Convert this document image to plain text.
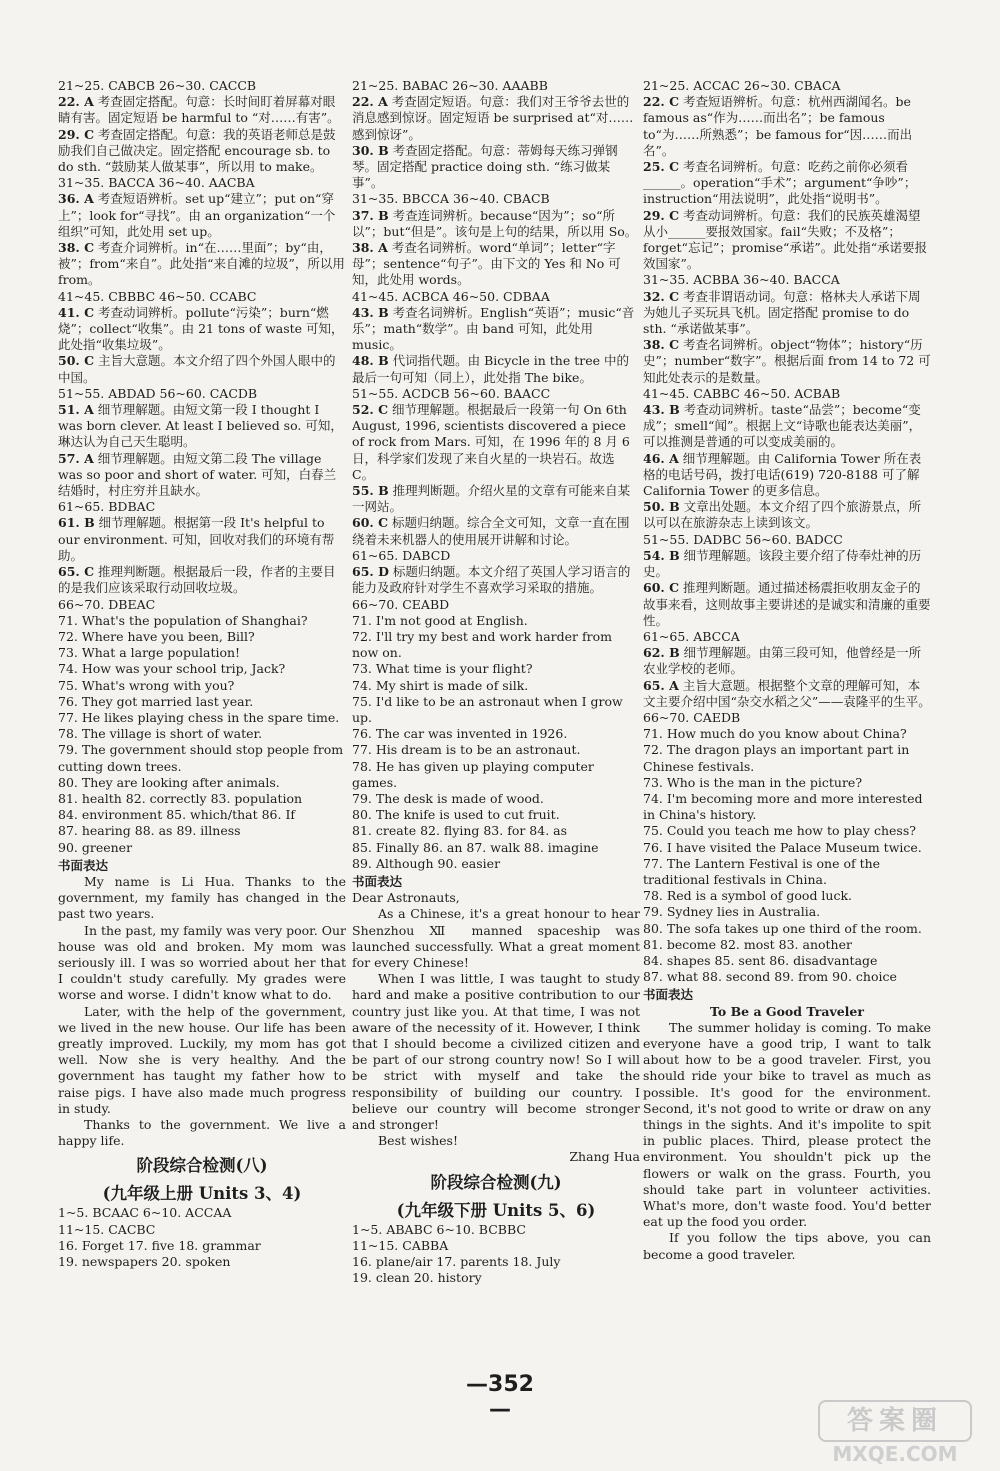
21~25. CABCB 26~30. CACCB
22. A 考查固定搭配。句意：长时间盯着屏幕对眼睛有害。固定短语 be harmful to “对……有害”。
29. C 考查固定搭配。句意：我的英语老师总是鼓励我们自己做决定。固定搭配 encourage sb. to do sth. “鼓励某人做某事”，所以用 to make。
31~35. BACCA 36~40. AACBA
36. A 考查短语辨析。set up“建立”；put on“穿上”；look for“寻找”。由 an organization“一个组织”可知，此处用 set up。
38. C 考查介词辨析。in“在……里面”；by“由，被”；from“来自”。此处指“来自滩的垃圾”，所以用 from。
41~45. CBBBC 46~50. CCABC
41. C 考查动词辨析。pollute“污染”；burn“燃烧”；collect“收集”。由 21 tons of waste 可知，此处指“收集垃圾”。
50. C 主旨大意题。本文介绍了四个外国人眼中的中国。
51~55. ABDAD 56~60. CACDB
51. A 细节理解题。由短文第一段 I thought I was born clever. At least I believed so. 可知，琳达认为自己天生聪明。
57. A 细节理解题。由短文第二段 The village was so poor and short of water. 可知，白春兰结婚时，村庄穷并且缺水。
61~65. BDBAC
61. B 细节理解题。根据第一段 It's helpful to our environment. 可知，回收对我们的环境有帮助。
65. C 推理判断题。根据最后一段，作者的主要目的是我们应该采取行动回收垃圾。
66~70. DBEAC
71. What's the population of Shanghai?
72. Where have you been, Bill?
73. What a large population!
74. How was your school trip, Jack?
75. What's wrong with you?
76. They got married last year.
77. He likes playing chess in the spare time.
78. The village is short of water.
79. The government should stop people from cutting down trees.
80. They are looking after animals.
81. health 82. correctly 83. population
84. environment 85. which/that 86. If
87. hearing 88. as 89. illness
90. greener
书面表达
My name is Li Hua. Thanks to the government, my family has changed in the past two years.
In the past, my family was very poor. Our house was old and broken. My mom was seriously ill. I was so worried about her that I couldn't study carefully. My grades were worse and worse. I didn't know what to do.
Later, with the help of the government, we lived in the new house. Our life has been greatly improved. Luckily, my mom has got well. Now she is very healthy. And the government has taught my father how to raise pigs. I have also made much progress in study.
Thanks to the government. We live a happy life.
阶段综合检测(八)
(九年级上册 Units 3、4)
1~5. BCAAC 6~10. ACCAA
11~15. CACBC
16. Forget 17. five 18. grammar
19. newspapers 20. spoken
21~25. BABAC 26~30. AAABB
22. A 考查固定短语。句意：我们对王爷爷去世的消息感到惊讶。固定短语 be surprised at“对……感到惊讶”。
30. B 考查固定搭配。句意：蒂姆每天练习弹钢琴。固定搭配 practice doing sth. “练习做某事”。
31~35. BBCCA 36~40. CBACB
37. B 考查连词辨析。because“因为”；so“所以”；but“但是”。该句是上句的结果，所以用 So。
38. A 考查名词辨析。word“单词”；letter“字母”；sentence“句子”。由下文的 Yes 和 No 可知，此处用 words。
41~45. ACBCA 46~50. CDBAA
43. B 考查名词辨析。English“英语”；music“音乐”；math“数学”。由 band 可知，此处用 music。
48. B 代词指代题。由 Bicycle in the tree 中的最后一句可知（同上），此处指 The bike。
51~55. ACDCB 56~60. BAACC
52. C 细节理解题。根据最后一段第一句 On 6th August, 1996, scientists discovered a piece of rock from Mars. 可知，在 1996 年的 8 月 6 日，科学家们发现了来自火星的一块岩石。故选 C。
55. B 推理判断题。介绍火星的文章有可能来自某一网站。
60. C 标题归纳题。综合全文可知，文章一直在围绕着未来机器人的使用展开讲解和讨论。
61~65. DABCD
65. D 标题归纳题。本文介绍了英国人学习语言的能力及政府针对学生不喜欢学习采取的措施。
66~70. CEABD
71. I'm not good at English.
72. I'll try my best and work harder from now on.
73. What time is your flight?
74. My shirt is made of silk.
75. I'd like to be an astronaut when I grow up.
76. The car was invented in 1926.
77. His dream is to be an astronaut.
78. He has given up playing computer games.
79. The desk is made of wood.
80. The knife is used to cut fruit.
81. create 82. flying 83. for 84. as
85. Finally 86. an 87. walk 88. imagine
89. Although 90. easier
书面表达
Dear Astronauts,
As a Chinese, it's a great honour to hear Shenzhou Ⅻ manned spaceship was launched successfully. What a great moment for every Chinese!
When I was little, I was taught to study hard and make a positive contribution to our country just like you. At that time, I was not aware of the necessity of it. However, I think that I should become a civilized citizen and be part of our strong country now! So I will be strict with myself and take the responsibility of building our country. I believe our country will become stronger and stronger!
Best wishes!
Zhang Hua
阶段综合检测(九)
(九年级下册 Units 5、6)
1~5. ABABC 6~10. BCBBC
11~15. CABBA
16. plane/air 17. parents 18. July
19. clean 20. history
21~25. ACCAC 26~30. CBACA
22. C 考查短语辨析。句意：杭州西湖闻名。be famous as“作为……而出名”；be famous to“为……所熟悉”；be famous for“因……而出名”。
25. C 考查名词辨析。句意：吃药之前你必须看______。operation“手术”；argument“争吵”；instruction“用法说明”，此处指“说明书”。
29. C 考查动词辨析。句意：我们的民族英雄渴望从小______要报效国家。fail“失败；不及格”；forget“忘记”；promise“承诺”。此处指“承诺要报效国家”。
31~35. ACBBA 36~40. BACCA
32. C 考查非谓语动词。句意：格林夫人承诺下周为她儿子买玩具飞机。固定搭配 promise to do sth. “承诺做某事”。
38. C 考查名词辨析。object“物体”；history“历史”；number“数字”。根据后面 from 14 to 72 可知此处表示的是数量。
41~45. CABBC 46~50. ACBAB
43. B 考查动词辨析。taste“品尝”；become“变成”；smell“闻”。根据上文“诗歌也能表达美丽”，可以推测是普通的可以变成美丽的。
46. A 细节理解题。由 California Tower 所在表格的电话号码，拨打电话(619) 720-8188 可了解 California Tower 的更多信息。
50. B 文章出处题。本文介绍了四个旅游景点，所以可以在旅游杂志上读到该文。
51~55. DADBC 56~60. BADCC
54. B 细节理解题。该段主要介绍了侍奉灶神的历史。
60. C 推理判断题。通过描述杨震拒收朋友金子的故事来看，这则故事主要讲述的是诚实和清廉的重要性。
61~65. ABCCA
62. B 细节理解题。由第三段可知，他曾经是一所农业学校的老师。
65. A 主旨大意题。根据整个文章的理解可知，本文主要介绍中国“杂交水稻之父”——袁隆平的生平。
66~70. CAEDB
71. How much do you know about China?
72. The dragon plays an important part in Chinese festivals.
73. Who is the man in the picture?
74. I'm becoming more and more interested in China's history.
75. Could you teach me how to play chess?
76. I have visited the Palace Museum twice.
77. The Lantern Festival is one of the traditional festivals in China.
78. Red is a symbol of good luck.
79. Sydney lies in Australia.
80. The sofa takes up one third of the room.
81. become 82. most 83. another
84. shapes 85. sent 86. disadvantage
87. what 88. second 89. from 90. choice
书面表达
To Be a Good Traveler
The summer holiday is coming. To make everyone have a good trip, I want to talk about how to be a good traveler. First, you should ride your bike to travel as much as possible. It's good for the environment. Second, it's not good to write or draw on any things in the sights. And it's impolite to spit in public places. Third, please protect the environment. You shouldn't pick up the flowers or walk on the grass. Fourth, you should take part in volunteer activities. What's more, don't waste food. You'd better eat up the food you order.
If you follow the tips above, you can become a good traveler.
—352—	答案圈
MXQE.COM
